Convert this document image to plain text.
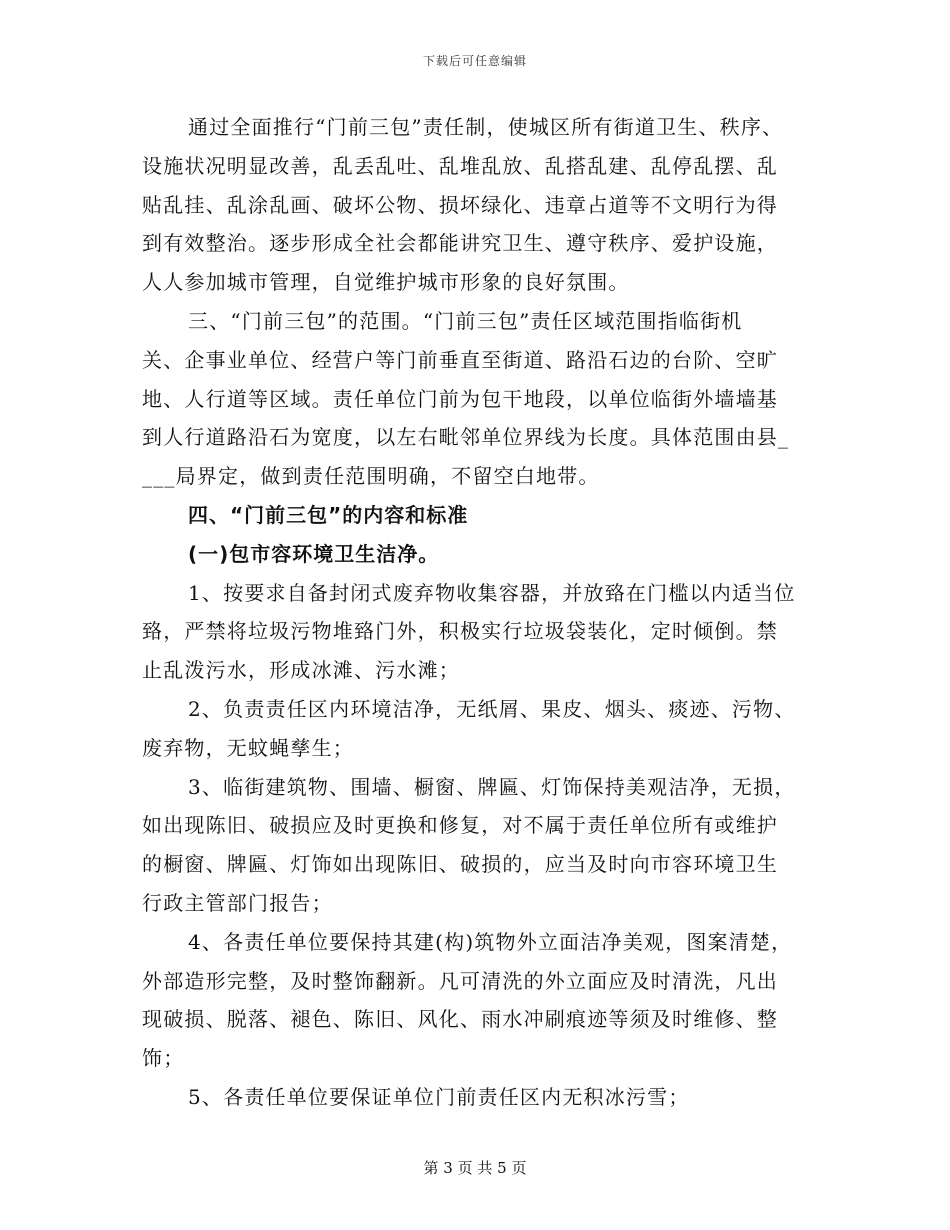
下载后可任意编辑
通过全面推行“门前三包”责任制，使城区所有街道卫生、秩序、
设施状况明显改善，乱丢乱吐、乱堆乱放、乱搭乱建、乱停乱摆、乱
贴乱挂、乱涂乱画、破坏公物、损坏绿化、违章占道等不文明行为得
到有效整治。逐步形成全社会都能讲究卫生、遵守秩序、爱护设施，
人人参加城市管理，自觉维护城市形象的良好氛围。
三、“门前三包”的范围。“门前三包”责任区域范围指临街机
关、企事业单位、经营户等门前垂直至街道、路沿石边的台阶、空旷
地、人行道等区域。责任单位门前为包干地段，以单位临街外墙墙基
到人行道路沿石为宽度，以左右毗邻单位界线为长度。具体范围由县_
___局界定，做到责任范围明确，不留空白地带。
四、“门前三包”的内容和标准
(一)包市容环境卫生洁净。
1、按要求自备封闭式废弃物收集容器，并放臵在门槛以内适当位
臵，严禁将垃圾污物堆臵门外，积极实行垃圾袋装化，定时倾倒。禁
止乱泼污水，形成冰滩、污水滩；
2、负责责任区内环境洁净，无纸屑、果皮、烟头、痰迹、污物、
废弃物，无蚊蝇孳生；
3、临街建筑物、围墙、橱窗、牌匾、灯饰保持美观洁净，无损，
如出现陈旧、破损应及时更换和修复，对不属于责任单位所有或维护
的橱窗、牌匾、灯饰如出现陈旧、破损的，应当及时向市容环境卫生
行政主管部门报告；
4、各责任单位要保持其建(构)筑物外立面洁净美观，图案清楚，
外部造形完整，及时整饰翻新。凡可清洗的外立面应及时清洗，凡出
现破损、脱落、褪色、陈旧、风化、雨水冲刷痕迹等须及时维修、整
饰；
5、各责任单位要保证单位门前责任区内无积冰污雪；
第 3 页 共 5 页
